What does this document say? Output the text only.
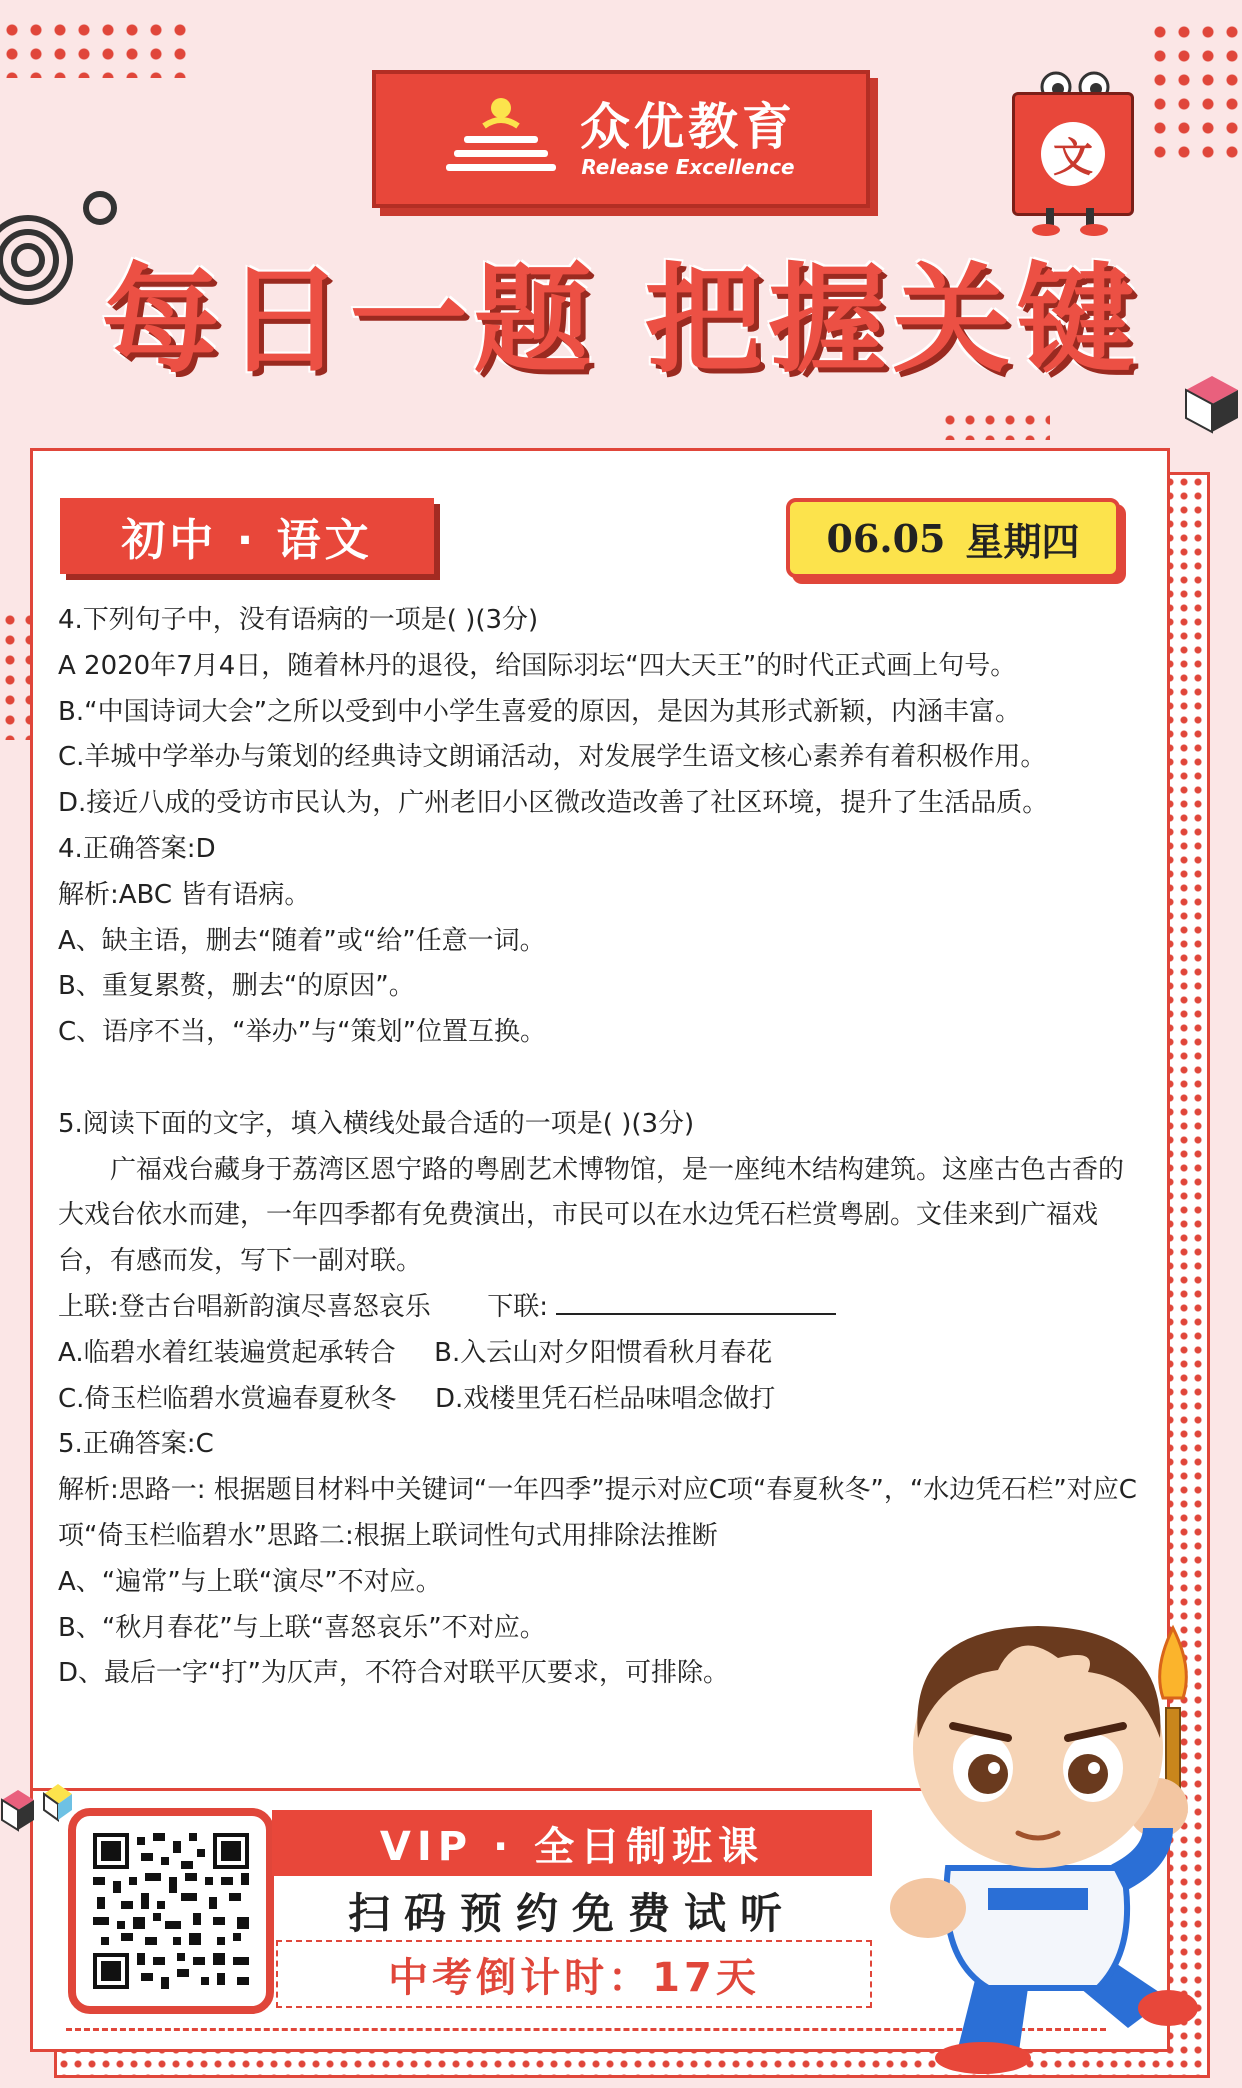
众优教育
Release Excellence	文
每日一题 把握关键
初中 · 语文	06.05 星期四
4.下列句子中，没有语病的一项是( )(3分)
A 2020年7月4日，随着林丹的退役，给国际羽坛“四大天王”的时代正式画上句号。
B.“中国诗词大会”之所以受到中小学生喜爱的原因，是因为其形式新颖，内涵丰富。
C.羊城中学举办与策划的经典诗文朗诵活动，对发展学生语文核心素养有着积极作用。
D.接近八成的受访市民认为，广州老旧小区微改造改善了社区环境，提升了生活品质。
4.正确答案:D
解析:ABC 皆有语病。
A、缺主语，删去“随着”或“给”任意一词。
B、重复累赘，删去“的原因”。
C、语序不当，“举办”与“策划”位置互换。
5.阅读下面的文字，填入横线处最合适的一项是( )(3分)
广福戏台藏身于荔湾区恩宁路的粤剧艺术博物馆，是一座纯木结构建筑。这座古色古香的大戏台依水而建，一年四季都有免费演出，市民可以在水边凭石栏赏粤剧。文佳来到广福戏台，有感而发，写下一副对联。
上联:登古台唱新韵演尽喜怒哀乐 下联:
A.临碧水着红装遍赏起承转合 B.入云山对夕阳惯看秋月春花
C.倚玉栏临碧水赏遍春夏秋冬 D.戏楼里凭石栏品味唱念做打
5.正确答案:C
解析:思路一: 根据题目材料中关键词“一年四季”提示对应C项“春夏秋冬”，“水边凭石栏”对应C项“倚玉栏临碧水”思路二:根据上联词性句式用排除法推断
A、“遍常”与上联“演尽”不对应。
B、“秋月春花”与上联“喜怒哀乐”不对应。
D、最后一字“打”为仄声，不符合对联平仄要求，可排除。
VIP · 全日制班课
扫码预约免费试听
中考倒计时：17天
